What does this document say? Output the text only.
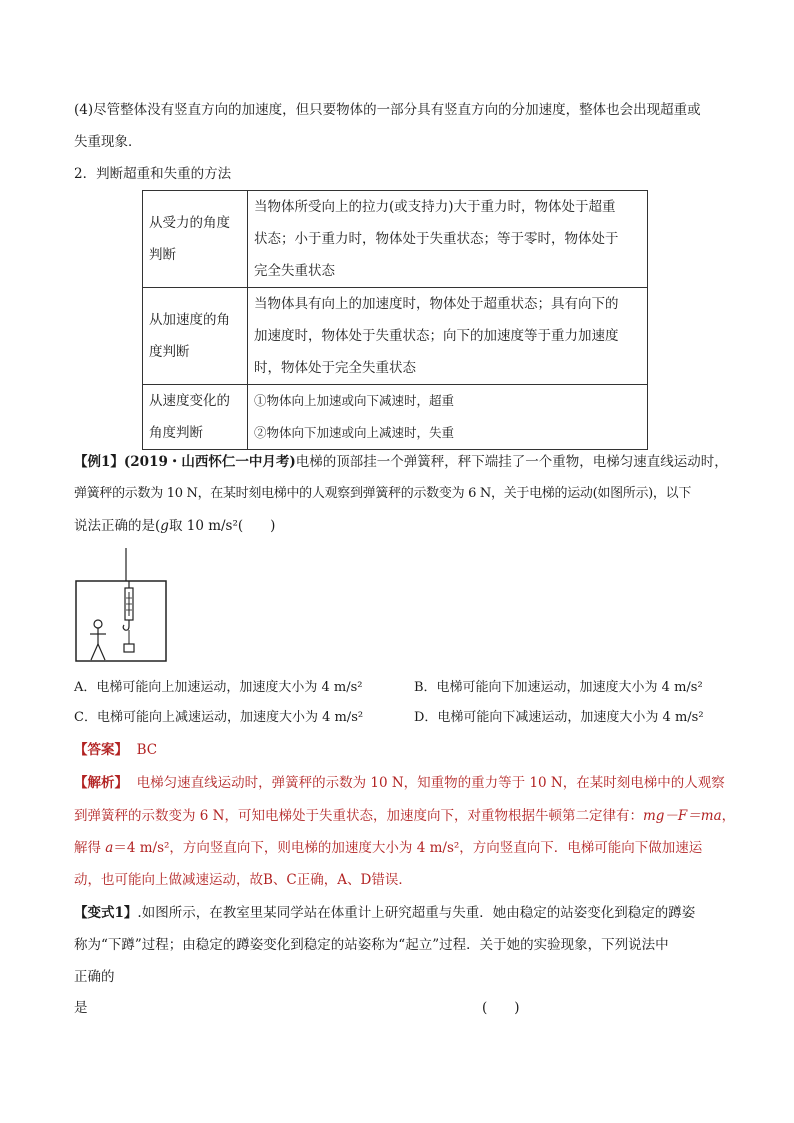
(4)尽管整体没有竖直方向的加速度，但只要物体的一部分具有竖直方向的分加速度，整体也会出现超重或
失重现象．
2．判断超重和失重的方法
从受力的角度
判断	当物体所受向上的拉力(或支持力)大于重力时，物体处于超重
状态；小于重力时，物体处于失重状态；等于零时，物体处于
完全失重状态

从加速度的角
度判断	当物体具有向上的加速度时，物体处于超重状态；具有向下的
加速度时，物体处于失重状态；向下的加速度等于重力加速度
时，物体处于完全失重状态

从速度变化的
角度判断	①物体向上加速或向下减速时，超重
②物体向下加速或向上减速时，失重
【例1】(2019・山西怀仁一中月考)电梯的顶部挂一个弹簧秤，秤下端挂了一个重物，电梯匀速直线运动时，
弹簧秤的示数为 10 N，在某时刻电梯中的人观察到弹簧秤的示数变为 6 N，关于电梯的运动(如图所示)，以下
说法正确的是(g取 10 m/s²(　　)
A．电梯可能向上加速运动，加速度大小为 4 m/s²	B．电梯可能向下加速运动，加速度大小为 4 m/s²
C．电梯可能向上减速运动，加速度大小为 4 m/s²	D．电梯可能向下减速运动，加速度大小为 4 m/s²
【答案】 BC
【解析】 电梯匀速直线运动时，弹簧秤的示数为 10 N，知重物的重力等于 10 N，在某时刻电梯中的人观察
到弹簧秤的示数变为 6 N，可知电梯处于失重状态，加速度向下，对重物根据牛顿第二定律有：mg－F＝ma，
解得 a＝4 m/s²，方向竖直向下，则电梯的加速度大小为 4 m/s²，方向竖直向下．电梯可能向下做加速运
动，也可能向上做减速运动，故B、C正确，A、D错误．
【变式1】.如图所示，在教室里某同学站在体重计上研究超重与失重．她由稳定的站姿变化到稳定的蹲姿
称为“下蹲”过程；由稳定的蹲姿变化到稳定的站姿称为“起立”过程．关于她的实验现象，下列说法中
正确的
是	(　　)
